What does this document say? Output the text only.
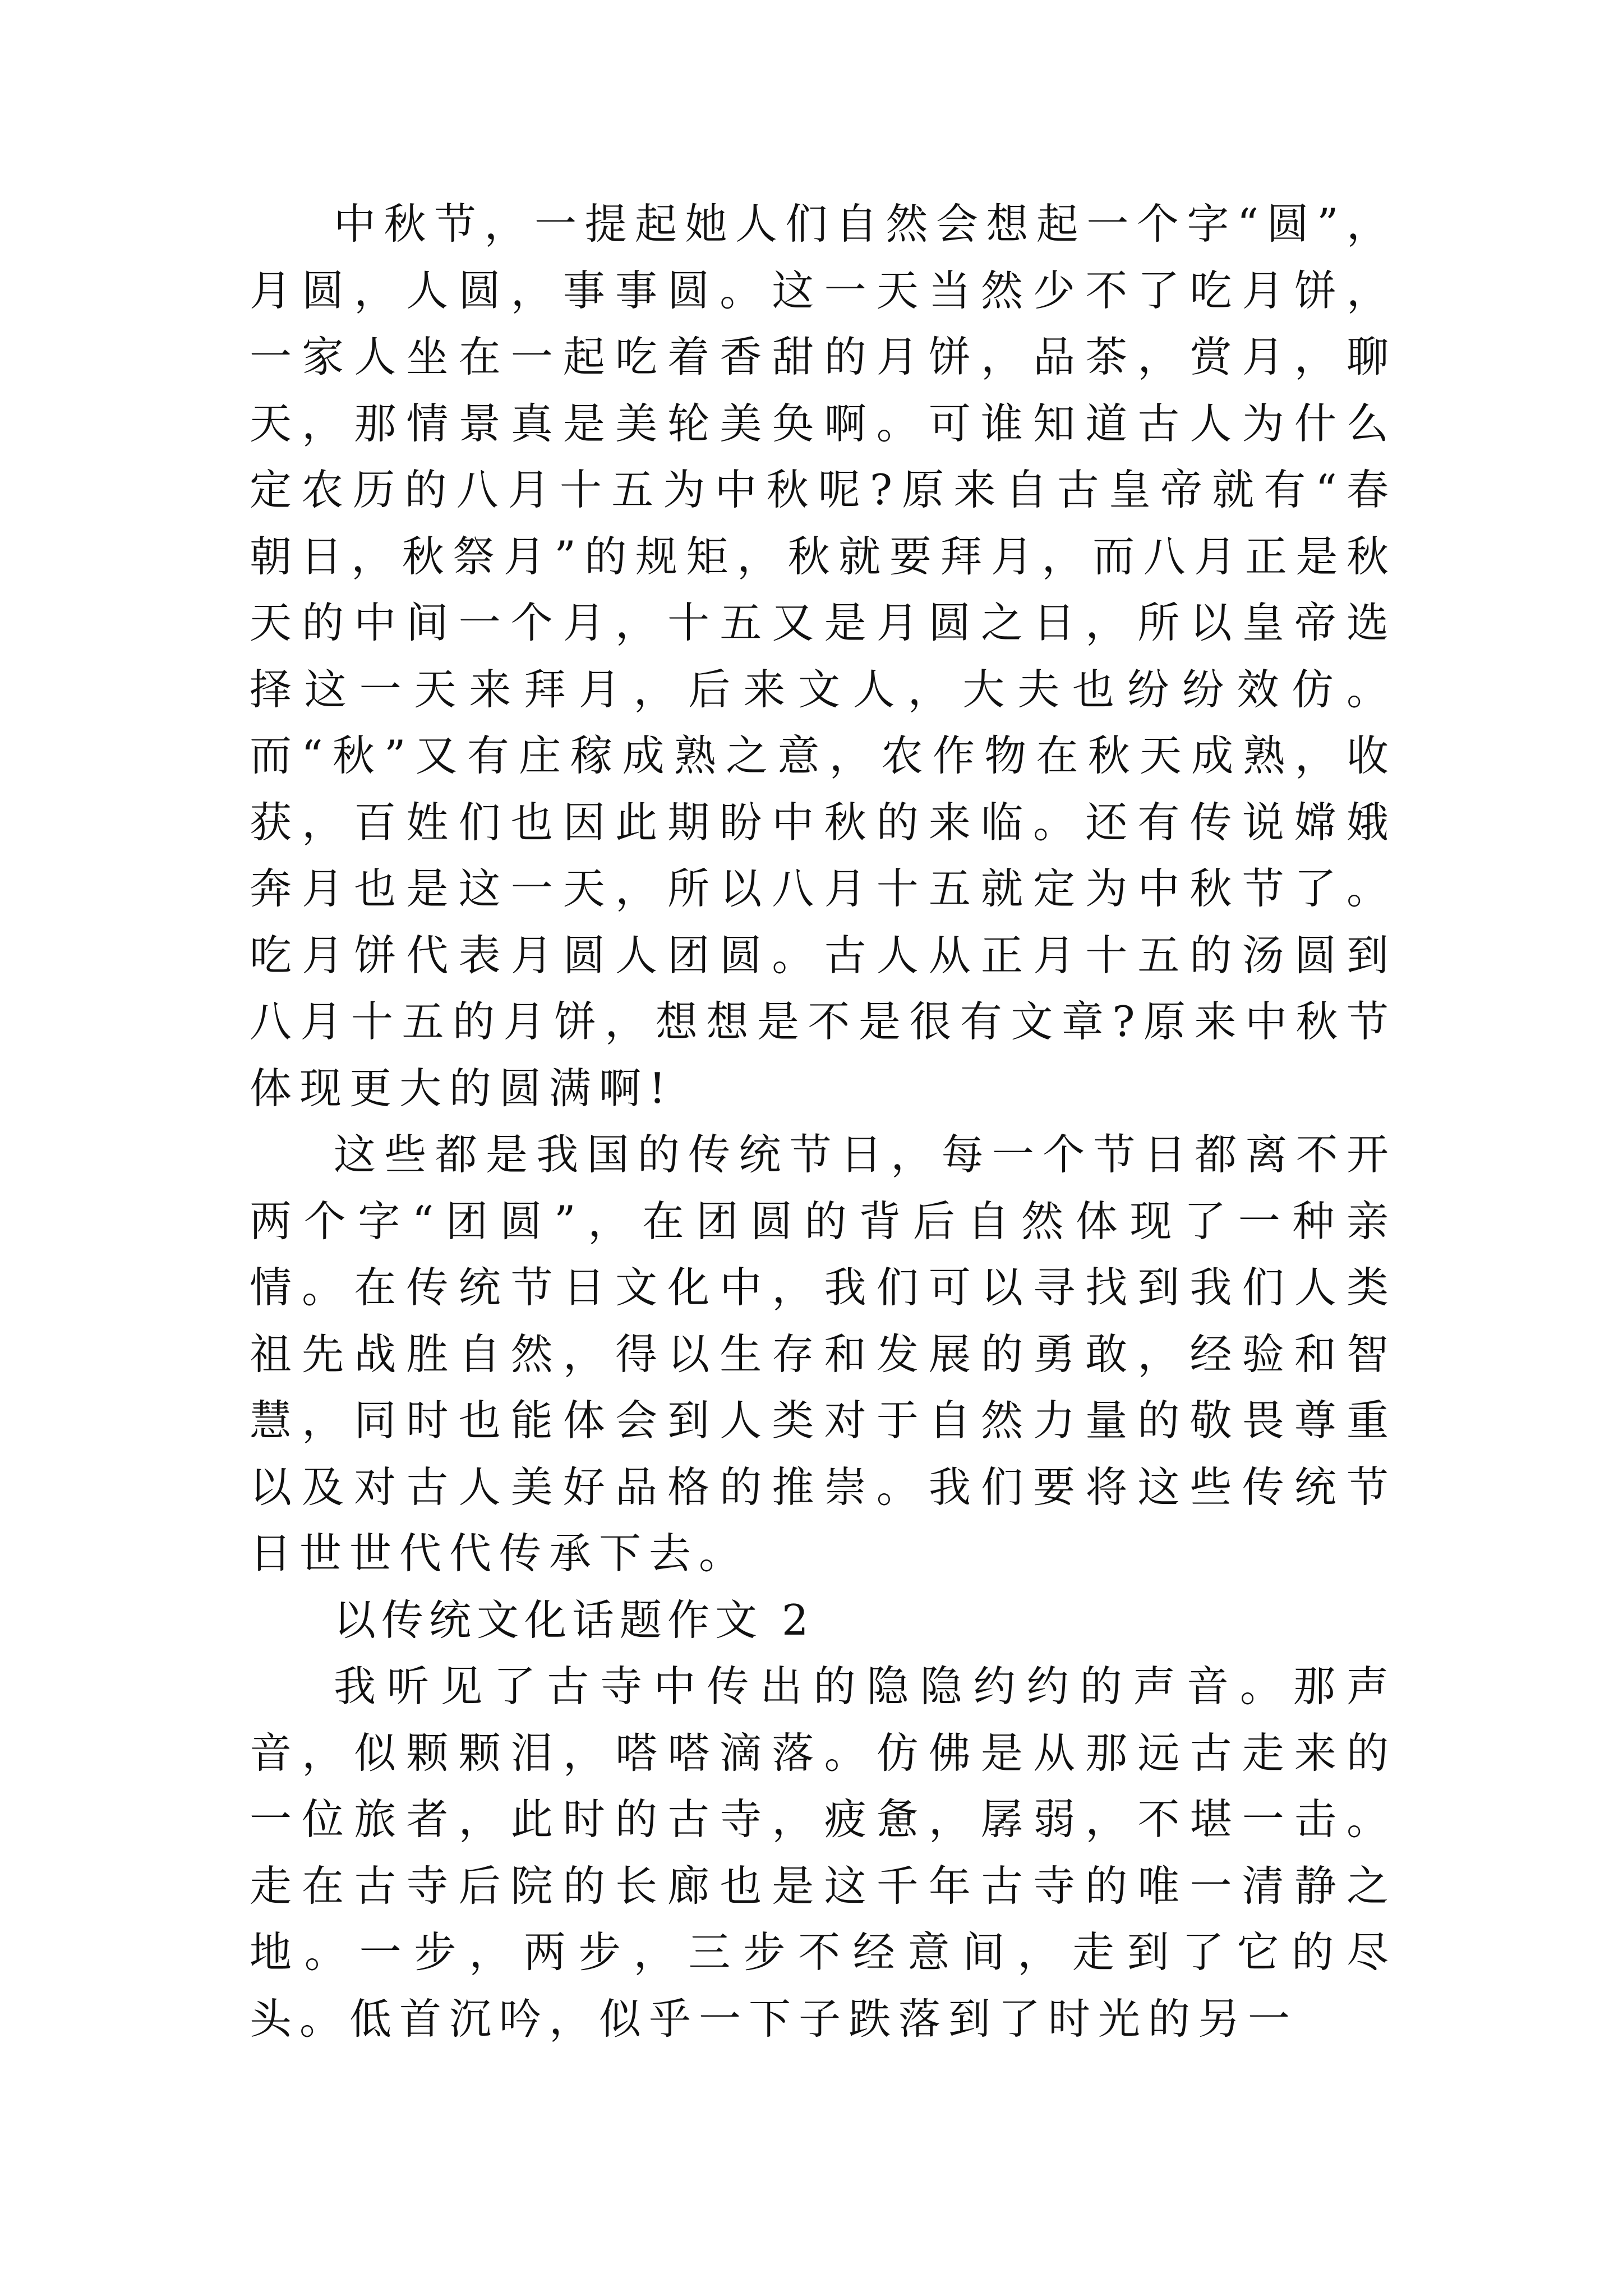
中秋节，一提起她人们自然会想起一个字“圆”，月圆，人圆，事事圆。这一天当然少不了吃月饼，一家人坐在一起吃着香甜的月饼，品茶，赏月，聊天，那情景真是美轮美奂啊。可谁知道古人为什么定农历的八月十五为中秋呢?原来自古皇帝就有“春朝日，秋祭月”的规矩，秋就要拜月，而八月正是秋天的中间一个月，十五又是月圆之日，所以皇帝选择这一天来拜月，后来文人，大夫也纷纷效仿。而“秋”又有庄稼成熟之意，农作物在秋天成熟，收获，百姓们也因此期盼中秋的来临。还有传说嫦娥奔月也是这一天，所以八月十五就定为中秋节了。吃月饼代表月圆人团圆。古人从正月十五的汤圆到八月十五的月饼，想想是不是很有文章?原来中秋节体现更大的圆满啊!

这些都是我国的传统节日，每一个节日都离不开两个字“团圆”，在团圆的背后自然体现了一种亲情。在传统节日文化中，我们可以寻找到我们人类祖先战胜自然，得以生存和发展的勇敢，经验和智慧，同时也能体会到人类对于自然力量的敬畏尊重以及对古人美好品格的推崇。我们要将这些传统节日世世代代传承下去。

以传统文化话题作文 2

我听见了古寺中传出的隐隐约约的声音。那声音，似颗颗泪，嗒嗒滴落。仿佛是从那远古走来的一位旅者，此时的古寺，疲惫，孱弱，不堪一击。走在古寺后院的长廊也是这千年古寺的唯一清静之地。一步，两步，三步不经意间，走到了它的尽头。低首沉吟，似乎一下子跌落到了时光的另一
